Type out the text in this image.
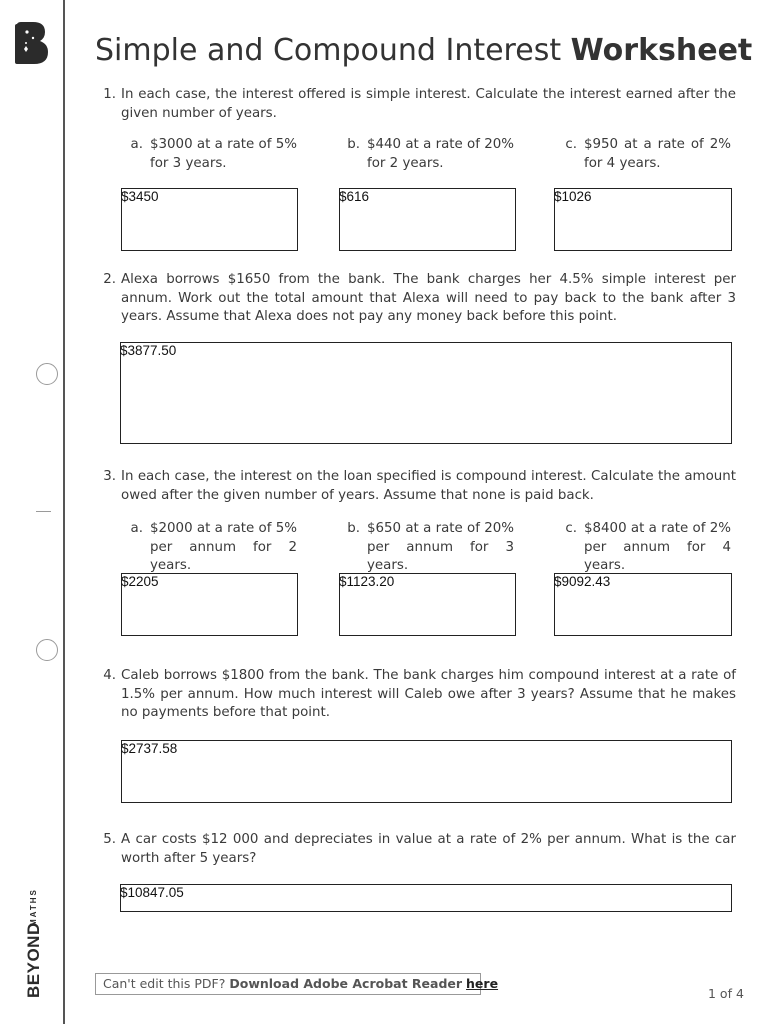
BEYOND
MATHS
Simple and Compound Interest Worksheet
1. In each case, the interest offered is simple interest. Calculate the interest earned after the given number of years.
a. $3000 at a rate of 5% for 3 years.
b. $440 at a rate of 20% for 2 years.
c. $950 at a rate of 2% for 4 years.
$3450	$616	$1026
2. Alexa borrows $1650 from the bank. The bank charges her 4.5% simple interest per annum. Work out the total amount that Alexa will need to pay back to the bank after 3 years. Assume that Alexa does not pay any money back before this point.
$3877.50
3. In each case, the interest on the loan specified is compound interest. Calculate the amount owed after the given number of years. Assume that none is paid back.
a. $2000 at a rate of 5% per annum for 2 years.
b. $650 at a rate of 20% per annum for 3 years.
c. $8400 at a rate of 2% per annum for 4 years.
$2205	$1123.20	$9092.43
4. Caleb borrows $1800 from the bank. The bank charges him compound interest at a rate of 1.5% per annum. How much interest will Caleb owe after 3 years? Assume that he makes no payments before that point.
$2737.58
5. A car costs $12 000 and depreciates in value at a rate of 2% per annum. What is the car worth after 5 years?
$10847.05
Can't edit this PDF? Download Adobe Acrobat Reader here
1 of 4
